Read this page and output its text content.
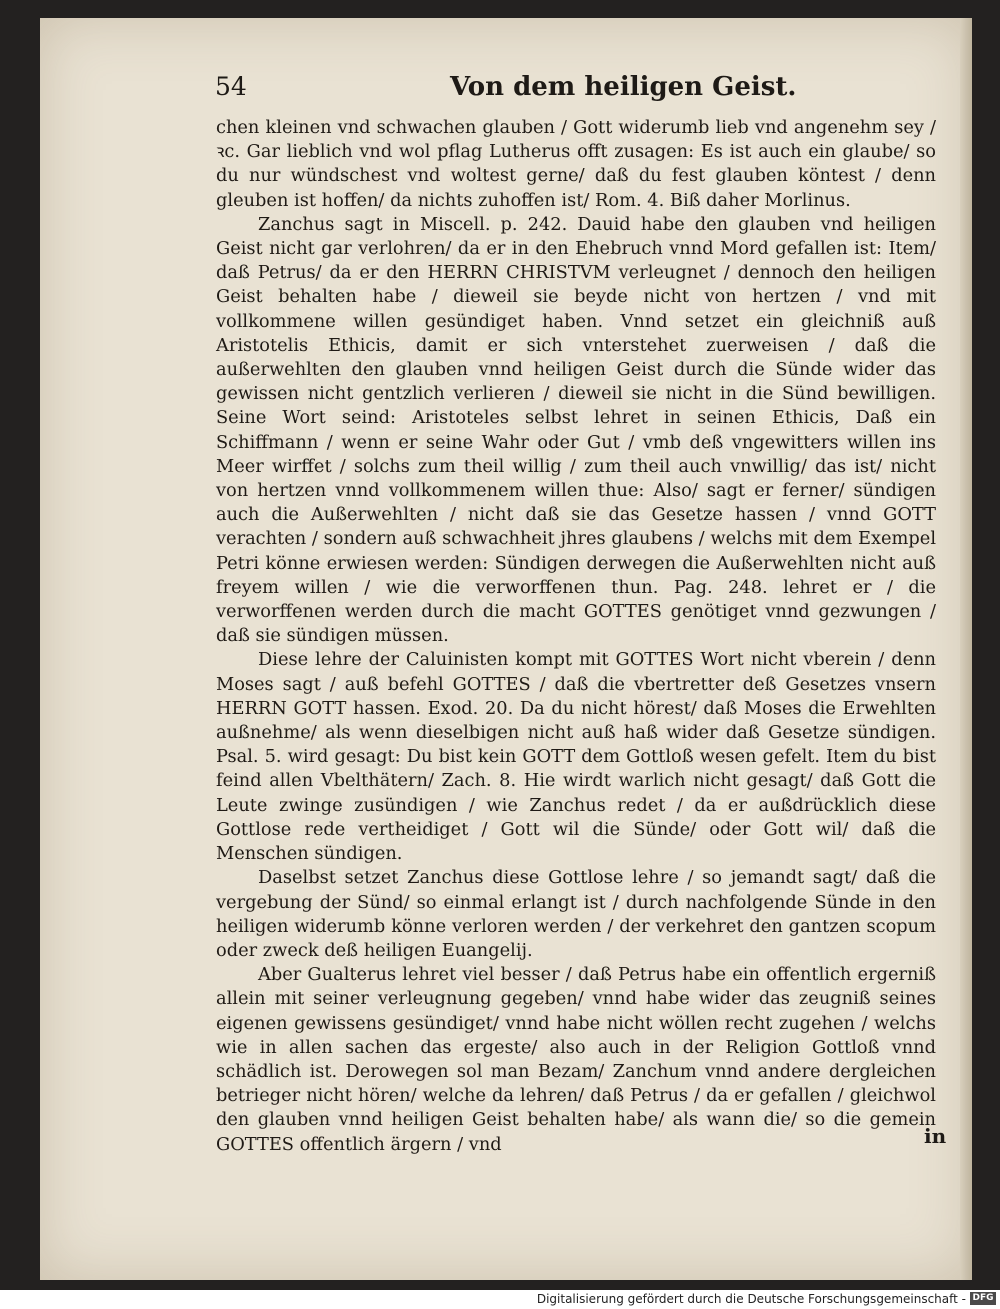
54	Von dem heiligen Geist.

chen kleinen vnd schwachen glauben / Gott widerumb lieb vnd angenehm sey / ꝛc. Gar lieblich vnd wol pflag Lutherus offt zusagen: Es ist auch ein glaube/ so du nur wündschest vnd woltest gerne/ daß du fest glauben köntest / denn gleuben ist hoffen/ da nichts zuhoffen ist/ Rom. 4. Biß daher Morlinus.

Zanchus sagt in Miscell. p. 242. Dauid habe den glauben vnd heiligen Geist nicht gar verlohren/ da er in den Ehebruch vnnd Mord gefallen ist: Item/ daß Petrus/ da er den HERRN CHRISTVM verleugnet / dennoch den heiligen Geist behalten habe / dieweil sie beyde nicht von hertzen / vnd mit vollkommene willen gesündiget haben. Vnnd setzet ein gleichniß auß Aristotelis Ethicis, damit er sich vnterstehet zuerweisen / daß die außerwehlten den glauben vnnd heiligen Geist durch die Sünde wider das gewissen nicht gentzlich verlieren / dieweil sie nicht in die Sünd bewilligen. Seine Wort seind: Aristoteles selbst lehret in seinen Ethicis, Daß ein Schiffmann / wenn er seine Wahr oder Gut / vmb deß vngewitters willen ins Meer wirffet / solchs zum theil willig / zum theil auch vnwillig/ das ist/ nicht von hertzen vnnd vollkommenem willen thue: Also/ sagt er ferner/ sündigen auch die Außerwehlten / nicht daß sie das Gesetze hassen / vnnd GOTT verachten / sondern auß schwachheit jhres glaubens / welchs mit dem Exempel Petri könne erwiesen werden: Sündigen derwegen die Außerwehlten nicht auß freyem willen / wie die verworffenen thun. Pag. 248. lehret er / die verworffenen werden durch die macht GOTTES genötiget vnnd gezwungen / daß sie sündigen müssen.

Diese lehre der Caluinisten kompt mit GOTTES Wort nicht vberein / denn Moses sagt / auß befehl GOTTES / daß die vbertretter deß Gesetzes vnsern HERRN GOTT hassen. Exod. 20. Da du nicht hörest/ daß Moses die Erwehlten außnehme/ als wenn dieselbigen nicht auß haß wider daß Gesetze sündigen. Psal. 5. wird gesagt: Du bist kein GOTT dem Gottloß wesen gefelt. Item du bist feind allen Vbelthätern/ Zach. 8. Hie wirdt warlich nicht gesagt/ daß Gott die Leute zwinge zusündigen / wie Zanchus redet / da er außdrücklich diese Gottlose rede vertheidiget / Gott wil die Sünde/ oder Gott wil/ daß die Menschen sündigen.

Daselbst setzet Zanchus diese Gottlose lehre / so jemandt sagt/ daß die vergebung der Sünd/ so einmal erlangt ist / durch nachfolgende Sünde in den heiligen widerumb könne verloren werden / der verkehret den gantzen scopum oder zweck deß heiligen Euangelij.

Aber Gualterus lehret viel besser / daß Petrus habe ein offentlich ergerniß allein mit seiner verleugnung gegeben/ vnnd habe wider das zeugniß seines eigenen gewissens gesündiget/ vnnd habe nicht wöllen recht zugehen / welchs wie in allen sachen das ergeste/ also auch in der Religion Gottloß vnnd schädlich ist. Derowegen sol man Bezam/ Zanchum vnnd andere dergleichen betrieger nicht hören/ welche da lehren/ daß Petrus / da er gefallen / gleichwol den glauben vnnd heiligen Geist behalten habe/ als wann die/ so die gemein GOTTES offentlich ärgern / vnd	in
Digitalisierung gefördert durch die Deutsche Forschungsgemeinschaft - DFG
